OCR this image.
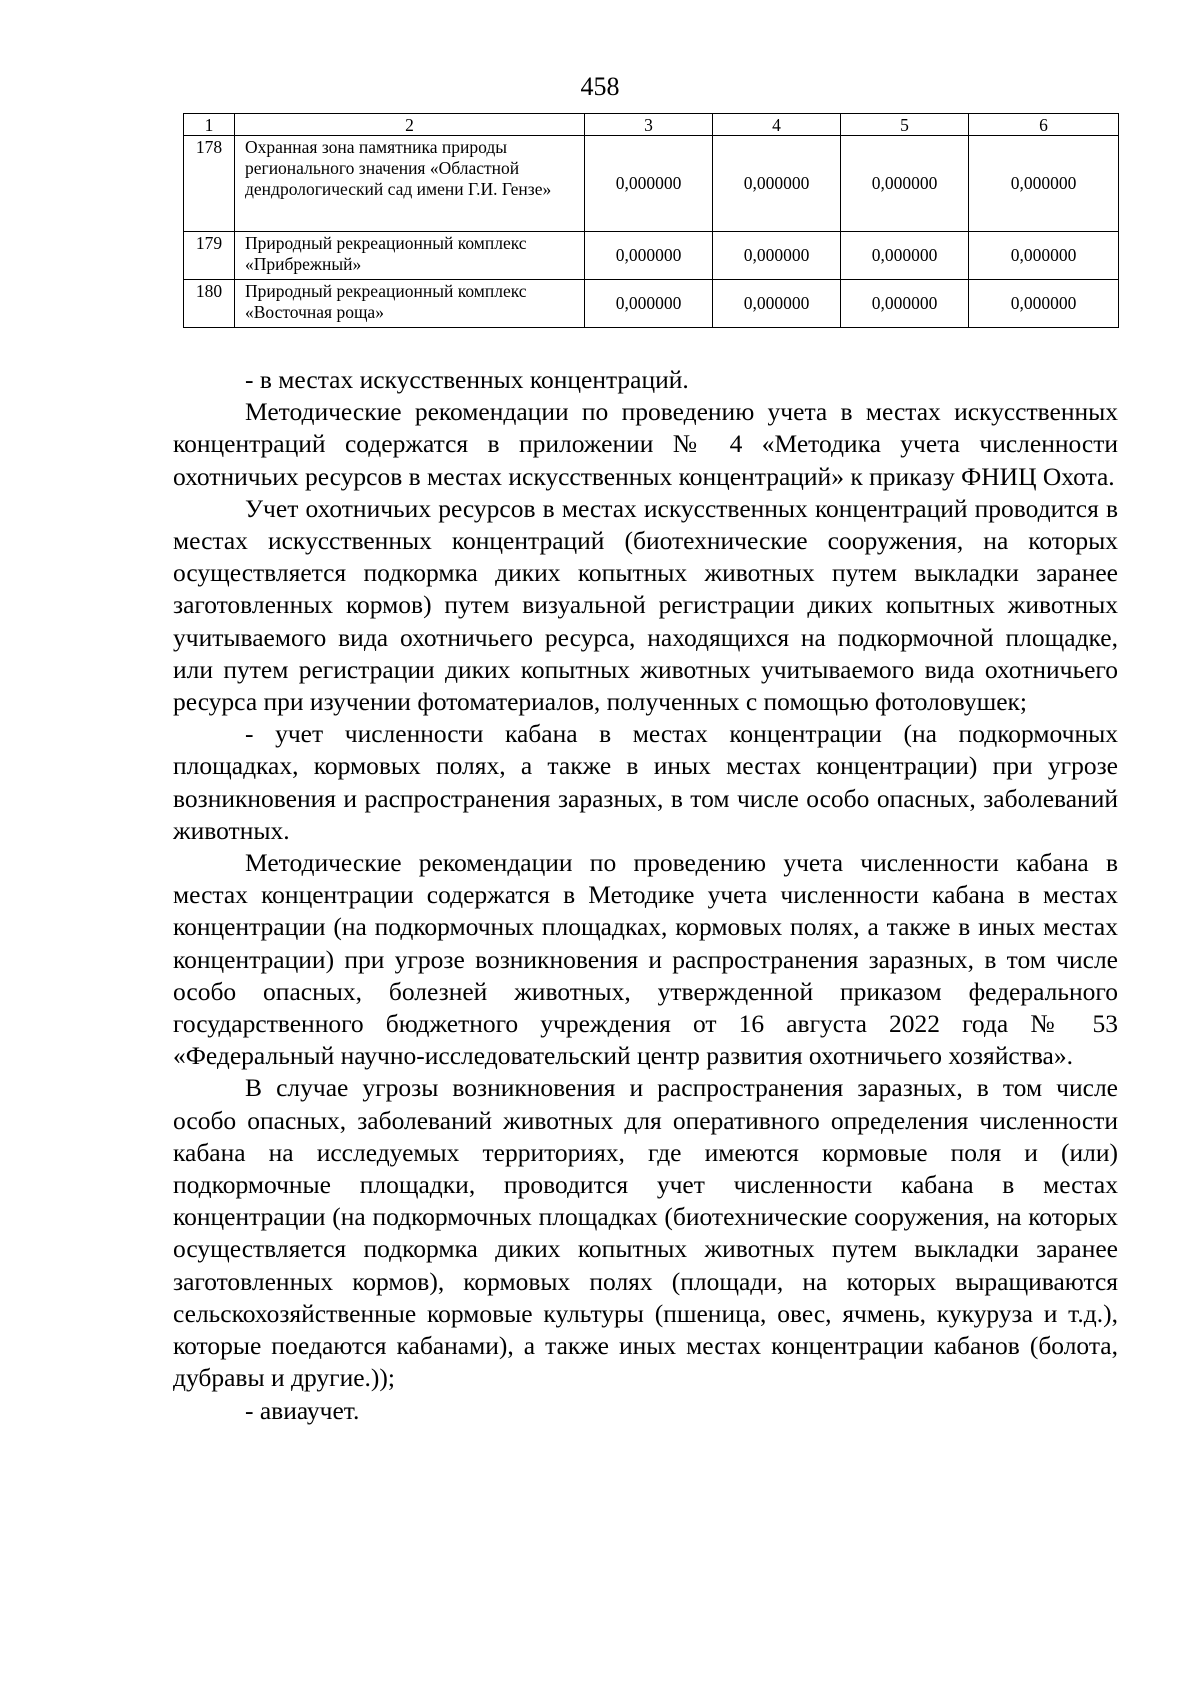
458
1	2	3	4	5	6
178	Охранная зона памятника природы регионального значения «Областной дендрологический сад имени Г.И. Гензе»	0,000000	0,000000	0,000000	0,000000
179	Природный рекреационный комплекс «Прибрежный»	0,000000	0,000000	0,000000	0,000000
180	Природный рекреационный комплекс «Восточная роща»	0,000000	0,000000	0,000000	0,000000

- в местах искусственных концентраций.

Методические рекомендации по проведению учета в местах искусственных концентраций содержатся в приложении № 4 «Методика учета численности охотничьих ресурсов в местах искусственных концентраций» к приказу ФНИЦ Охота.

Учет охотничьих ресурсов в местах искусственных концентраций проводится в местах искусственных концентраций (биотехнические сооружения, на которых осуществляется подкормка диких копытных животных путем выкладки заранее заготовленных кормов) путем визуальной регистрации диких копытных животных учитываемого вида охотничьего ресурса, находящихся на подкормочной площадке, или путем регистрации диких копытных животных учитываемого вида охотничьего ресурса при изучении фотоматериалов, полученных с помощью фотоловушек;

- учет численности кабана в местах концентрации (на подкормочных площадках, кормовых полях, а также в иных местах концентрации) при угрозе возникновения и распространения заразных, в том числе особо опасных, заболеваний животных.

Методические рекомендации по проведению учета численности кабана в местах концентрации содержатся в Методике учета численности кабана в местах концентрации (на подкормочных площадках, кормовых полях, а также в иных местах концентрации) при угрозе возникновения и распространения заразных, в том числе особо опасных, болезней животных, утвержденной приказом федерального государственного бюджетного учреждения от 16 августа 2022 года № 53 «Федеральный научно-исследовательский центр развития охотничьего хозяйства».

В случае угрозы возникновения и распространения заразных, в том числе особо опасных, заболеваний животных для оперативного определения численности кабана на исследуемых территориях, где имеются кормовые поля и (или) подкормочные площадки, проводится учет численности кабана в местах концентрации (на подкормочных площадках (биотехнические сооружения, на которых осуществляется подкормка диких копытных животных путем выкладки заранее заготовленных кормов), кормовых полях (площади, на которых выращиваются сельскохозяйственные кормовые культуры (пшеница, овес, ячмень, кукуруза и т.д.), которые поедаются кабанами), а также иных местах концентрации кабанов (болота, дубравы и другие.));

- авиаучет.
